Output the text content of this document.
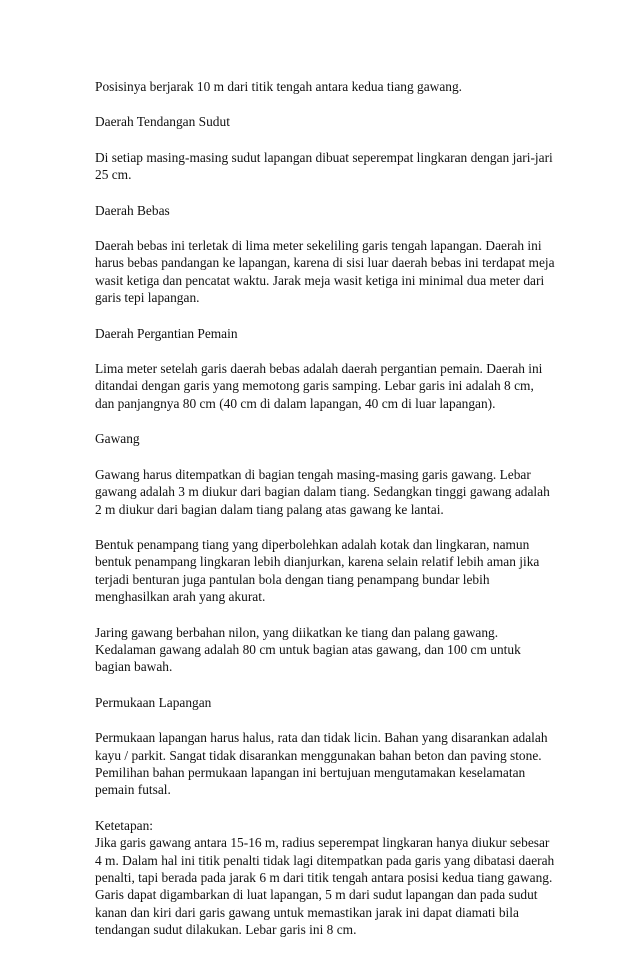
Posisinya berjarak 10 m dari titik tengah antara kedua tiang gawang.

Daerah Tendangan Sudut

Di setiap masing-masing sudut lapangan dibuat seperempat lingkaran dengan jari-jari 25 cm.

Daerah Bebas

Daerah bebas ini terletak di lima meter sekeliling garis tengah lapangan. Daerah ini harus bebas pandangan ke lapangan, karena di sisi luar daerah bebas ini terdapat meja wasit ketiga dan pencatat waktu. Jarak meja wasit ketiga ini minimal dua meter dari garis tepi lapangan.

Daerah Pergantian Pemain

Lima meter setelah garis daerah bebas adalah daerah pergantian pemain. Daerah ini ditandai dengan garis yang memotong garis samping. Lebar garis ini adalah 8 cm, dan panjangnya 80 cm (40 cm di dalam lapangan, 40 cm di luar lapangan).

Gawang

Gawang harus ditempatkan di bagian tengah masing-masing garis gawang. Lebar gawang adalah 3 m diukur dari bagian dalam tiang. Sedangkan tinggi gawang adalah 2 m diukur dari bagian dalam tiang palang atas gawang ke lantai.

Bentuk penampang tiang yang diperbolehkan adalah kotak dan lingkaran, namun bentuk penampang lingkaran lebih dianjurkan, karena selain relatif lebih aman jika terjadi benturan juga pantulan bola dengan tiang penampang bundar lebih menghasilkan arah yang akurat.

Jaring gawang berbahan nilon, yang diikatkan ke tiang dan palang gawang. Kedalaman gawang adalah 80 cm untuk bagian atas gawang, dan 100 cm untuk bagian bawah.

Permukaan Lapangan

Permukaan lapangan harus halus, rata dan tidak licin. Bahan yang disarankan adalah kayu / parkit. Sangat tidak disarankan menggunakan bahan beton dan paving stone. Pemilihan bahan permukaan lapangan ini bertujuan mengutamakan keselamatan pemain futsal.

Ketetapan:

Jika garis gawang antara 15-16 m, radius seperempat lingkaran hanya diukur sebesar 4 m. Dalam hal ini titik penalti tidak lagi ditempatkan pada garis yang dibatasi daerah penalti, tapi berada pada jarak 6 m dari titik tengah antara posisi kedua tiang gawang. Garis dapat digambarkan di luat lapangan, 5 m dari sudut lapangan dan pada sudut kanan dan kiri dari garis gawang untuk memastikan jarak ini dapat diamati bila tendangan sudut dilakukan. Lebar garis ini 8 cm.
